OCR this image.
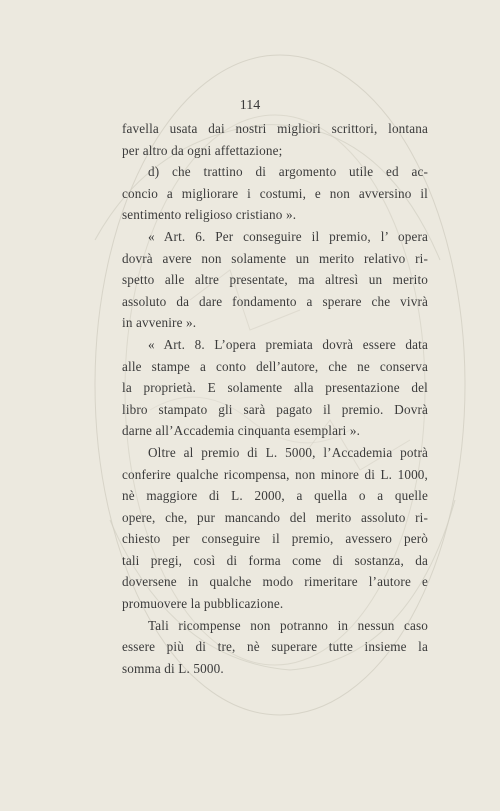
114
favella usata dai nostri migliori scrittori, lontana
per altro da ogni affettazione;
d) che trattino di argomento utile ed ac-
concio a migliorare i costumi, e non avversino il
sentimento religioso cristiano ».
« Art. 6. Per conseguire il premio, l’ opera
dovrà avere non solamente un merito relativo ri-
spetto alle altre presentate, ma altresì un merito
assoluto da dare fondamento a sperare che vivrà
in avvenire ».
« Art. 8. L’opera premiata dovrà essere data
alle stampe a conto dell’autore, che ne conserva
la proprietà. E solamente alla presentazione del
libro stampato gli sarà pagato il premio. Dovrà
darne all’Accademia cinquanta esemplari ».
Oltre al premio di L. 5000, l’Accademia potrà
conferire qualche ricompensa, non minore di L. 1000,
nè maggiore di L. 2000, a quella o a quelle
opere, che, pur mancando del merito assoluto ri-
chiesto per conseguire il premio, avessero però
tali pregi, così di forma come di sostanza, da
doversene in qualche modo rimeritare l’autore e
promuovere la pubblicazione.
Tali ricompense non potranno in nessun caso
essere più di tre, nè superare tutte insieme la
somma di L. 5000.
